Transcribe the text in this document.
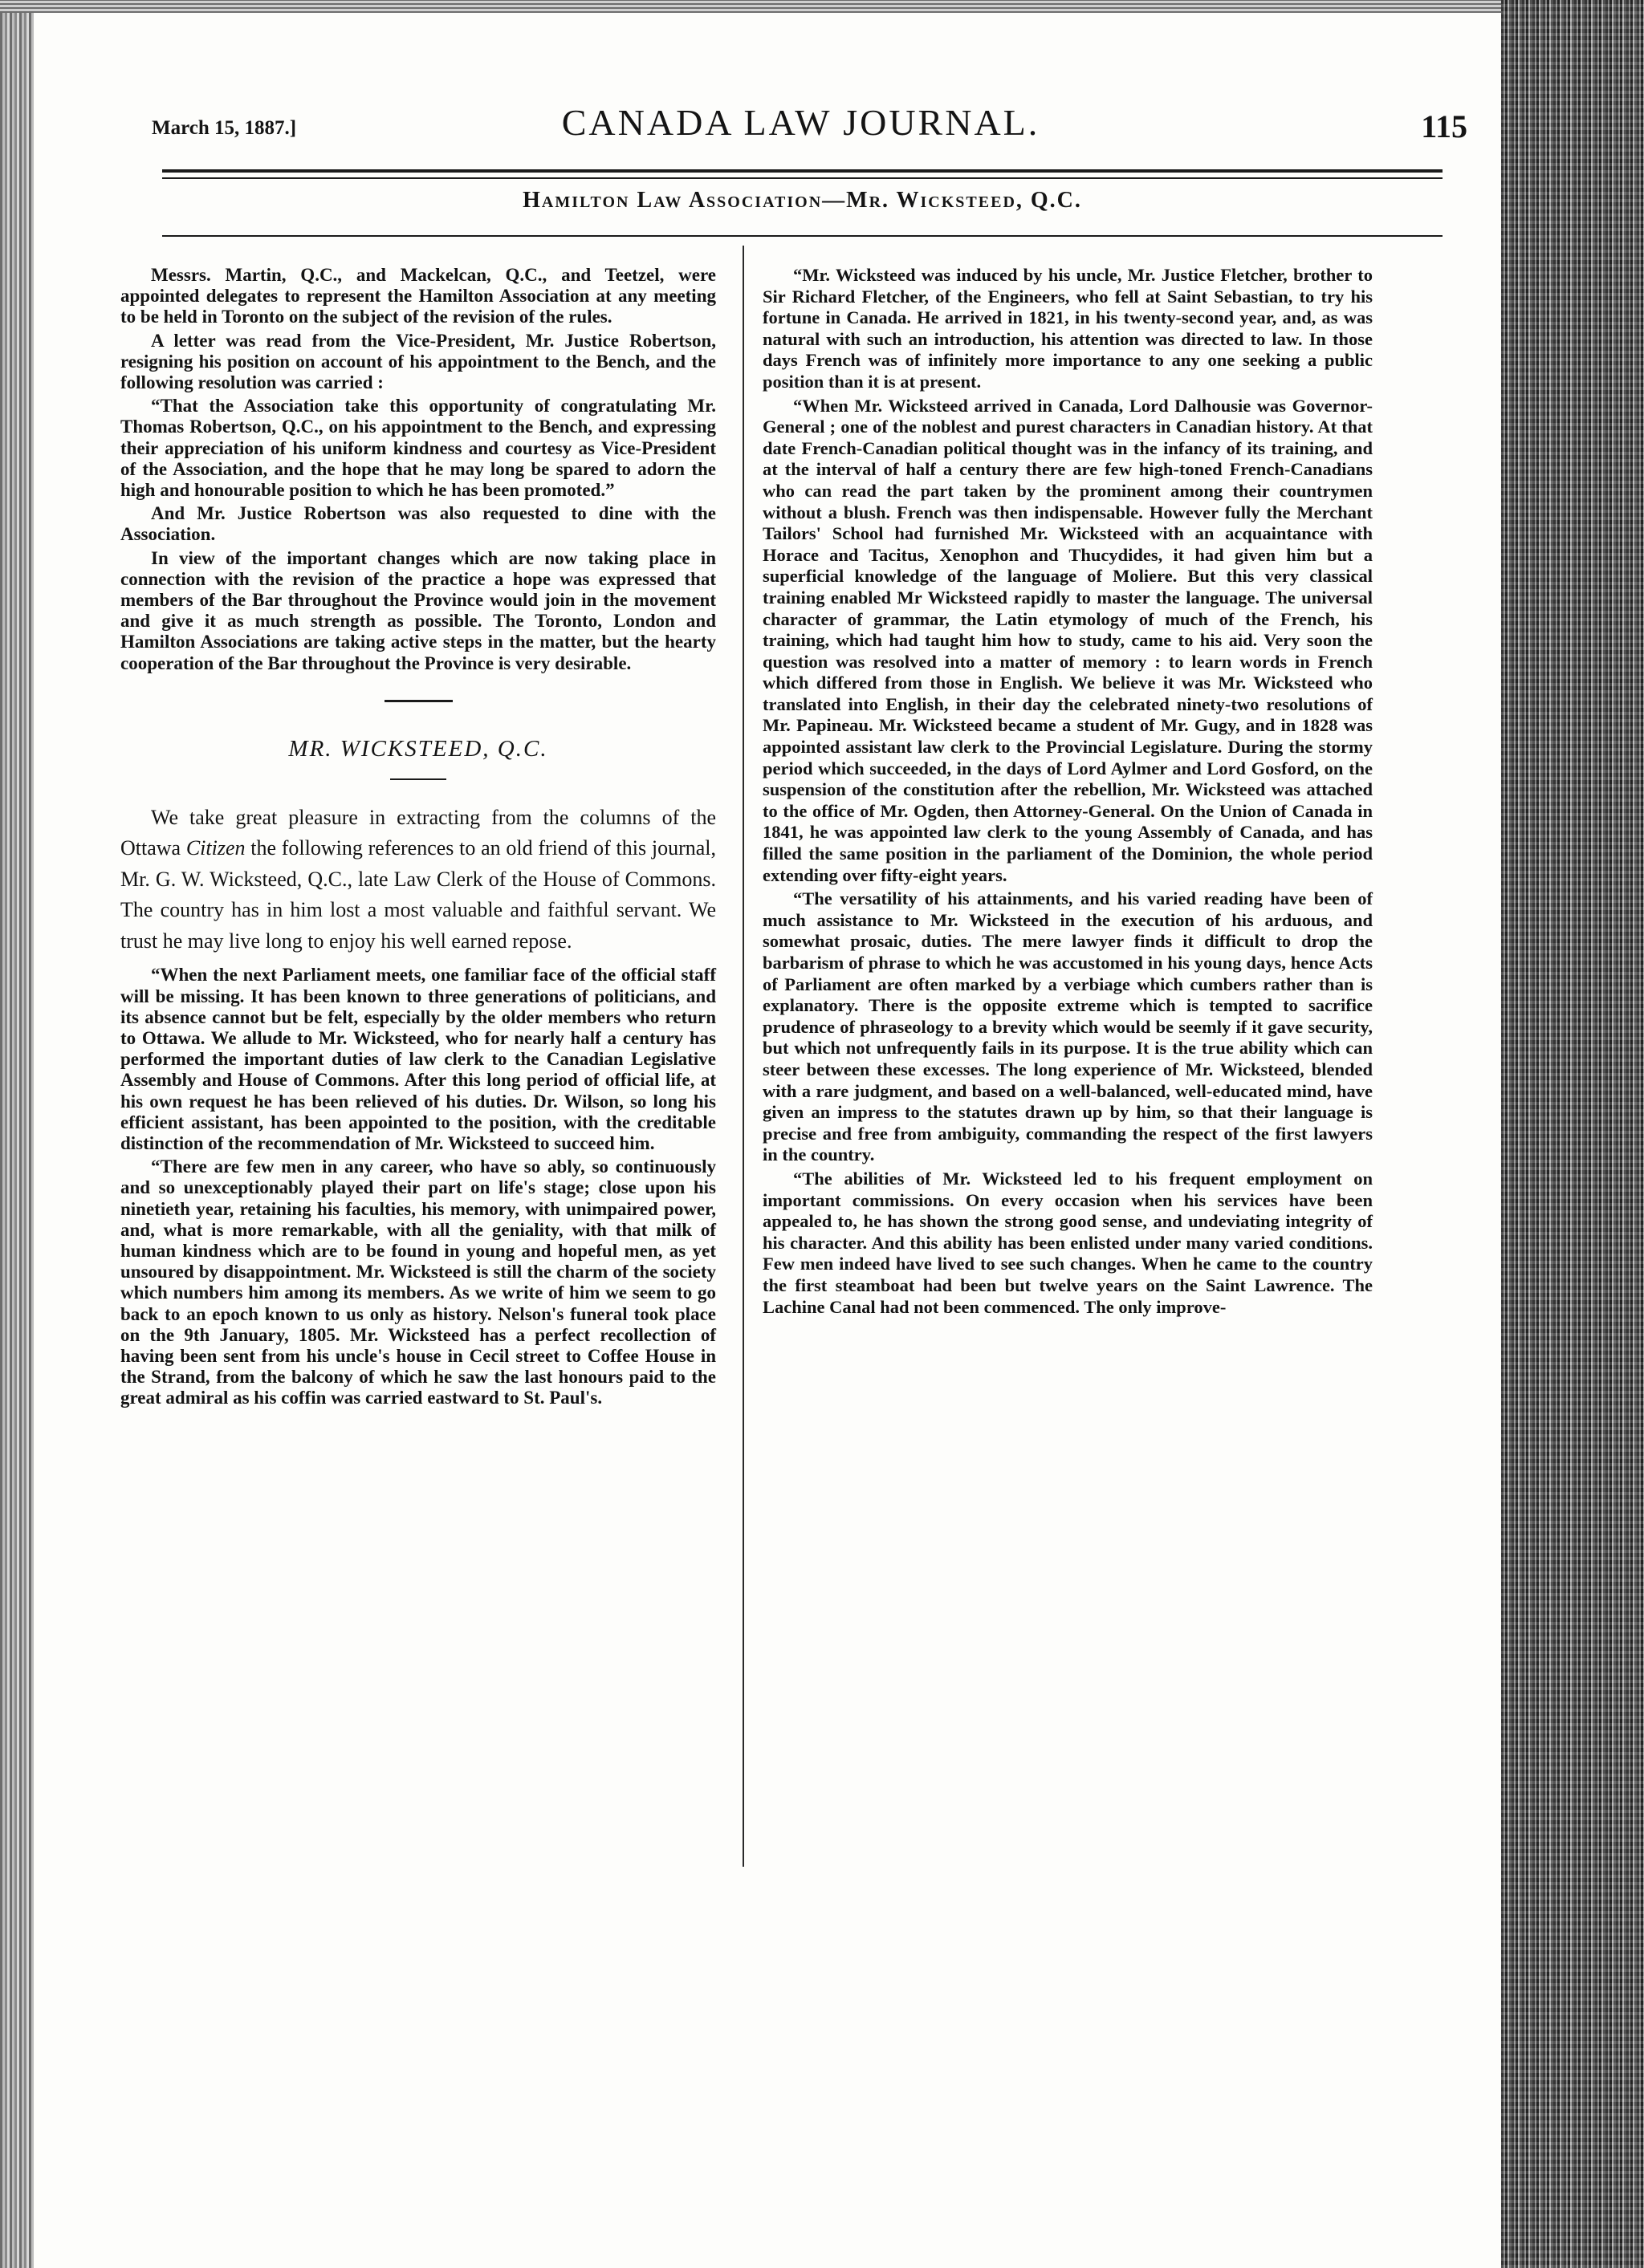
March 15, 1887.]	CANADA LAW JOURNAL.	115
Hamilton Law Association—Mr. Wicksteed, Q.C.

Messrs. Martin, Q.C., and Mackelcan, Q.C., and Teetzel, were appointed delegates to represent the Hamilton Association at any meeting to be held in Toronto on the subject of the revision of the rules.

A letter was read from the Vice-President, Mr. Justice Robertson, resigning his position on account of his appointment to the Bench, and the following resolution was carried :

“That the Association take this opportunity of congratulating Mr. Thomas Robertson, Q.C., on his appointment to the Bench, and expressing their appreciation of his uniform kindness and courtesy as Vice-President of the Association, and the hope that he may long be spared to adorn the high and honourable position to which he has been promoted.”

And Mr. Justice Robertson was also requested to dine with the Association.

In view of the important changes which are now taking place in connection with the revision of the practice a hope was expressed that members of the Bar throughout the Province would join in the movement and give it as much strength as possible. The Toronto, London and Hamilton Associations are taking active steps in the matter, but the hearty cooperation of the Bar throughout the Province is very desirable.

MR. WICKSTEED, Q.C.

We take great pleasure in extracting from the columns of the Ottawa Citizen the following references to an old friend of this journal, Mr. G. W. Wicksteed, Q.C., late Law Clerk of the House of Commons. The country has in him lost a most valuable and faithful servant. We trust he may live long to enjoy his well earned repose.

“When the next Parliament meets, one familiar face of the official staff will be missing. It has been known to three generations of politicians, and its absence cannot but be felt, especially by the older members who return to Ottawa. We allude to Mr. Wicksteed, who for nearly half a century has performed the important duties of law clerk to the Canadian Legislative Assembly and House of Commons. After this long period of official life, at his own request he has been relieved of his duties. Dr. Wilson, so long his efficient assistant, has been appointed to the position, with the creditable distinction of the recommendation of Mr. Wicksteed to succeed him.

“There are few men in any career, who have so ably, so continuously and so unexceptionably played their part on life's stage; close upon his ninetieth year, retaining his faculties, his memory, with unimpaired power, and, what is more remarkable, with all the geniality, with that milk of human kindness which are to be found in young and hopeful men, as yet unsoured by disappointment. Mr. Wicksteed is still the charm of the society which numbers him among its members. As we write of him we seem to go back to an epoch known to us only as history. Nelson's funeral took place on the 9th January, 1805. Mr. Wicksteed has a perfect recollection of having been sent from his uncle's house in Cecil street to Coffee House in the Strand, from the balcony of which he saw the last honours paid to the great admiral as his coffin was carried eastward to St. Paul's.

“Mr. Wicksteed was induced by his uncle, Mr. Justice Fletcher, brother to Sir Richard Fletcher, of the Engineers, who fell at Saint Sebastian, to try his fortune in Canada. He arrived in 1821, in his twenty-second year, and, as was natural with such an introduction, his attention was directed to law. In those days French was of infinitely more importance to any one seeking a public position than it is at present.

“When Mr. Wicksteed arrived in Canada, Lord Dalhousie was Governor-General ; one of the noblest and purest characters in Canadian history. At that date French-Canadian political thought was in the infancy of its training, and at the interval of half a century there are few high-toned French-Canadians who can read the part taken by the prominent among their countrymen without a blush. French was then indispensable. However fully the Merchant Tailors' School had furnished Mr. Wicksteed with an acquaintance with Horace and Tacitus, Xenophon and Thucydides, it had given him but a superficial knowledge of the language of Moliere. But this very classical training enabled Mr Wicksteed rapidly to master the language. The universal character of grammar, the Latin etymology of much of the French, his training, which had taught him how to study, came to his aid. Very soon the question was resolved into a matter of memory : to learn words in French which differed from those in English. We believe it was Mr. Wicksteed who translated into English, in their day the celebrated ninety-two resolutions of Mr. Papineau. Mr. Wicksteed became a student of Mr. Gugy, and in 1828 was appointed assistant law clerk to the Provincial Legislature. During the stormy period which succeeded, in the days of Lord Aylmer and Lord Gosford, on the suspension of the constitution after the rebellion, Mr. Wicksteed was attached to the office of Mr. Ogden, then Attorney-General. On the Union of Canada in 1841, he was appointed law clerk to the young Assembly of Canada, and has filled the same position in the parliament of the Dominion, the whole period extending over fifty-eight years.

“The versatility of his attainments, and his varied reading have been of much assistance to Mr. Wicksteed in the execution of his arduous, and somewhat prosaic, duties. The mere lawyer finds it difficult to drop the barbarism of phrase to which he was accustomed in his young days, hence Acts of Parliament are often marked by a verbiage which cumbers rather than is explanatory. There is the opposite extreme which is tempted to sacrifice prudence of phraseology to a brevity which would be seemly if it gave security, but which not unfrequently fails in its purpose. It is the true ability which can steer between these excesses. The long experience of Mr. Wicksteed, blended with a rare judgment, and based on a well-balanced, well-educated mind, have given an impress to the statutes drawn up by him, so that their language is precise and free from ambiguity, commanding the respect of the first lawyers in the country.

“The abilities of Mr. Wicksteed led to his frequent employment on important commissions. On every occasion when his services have been appealed to, he has shown the strong good sense, and undeviating integrity of his character. And this ability has been enlisted under many varied conditions. Few men indeed have lived to see such changes. When he came to the country the first steamboat had been but twelve years on the Saint Lawrence. The Lachine Canal had not been commenced. The only improve-
